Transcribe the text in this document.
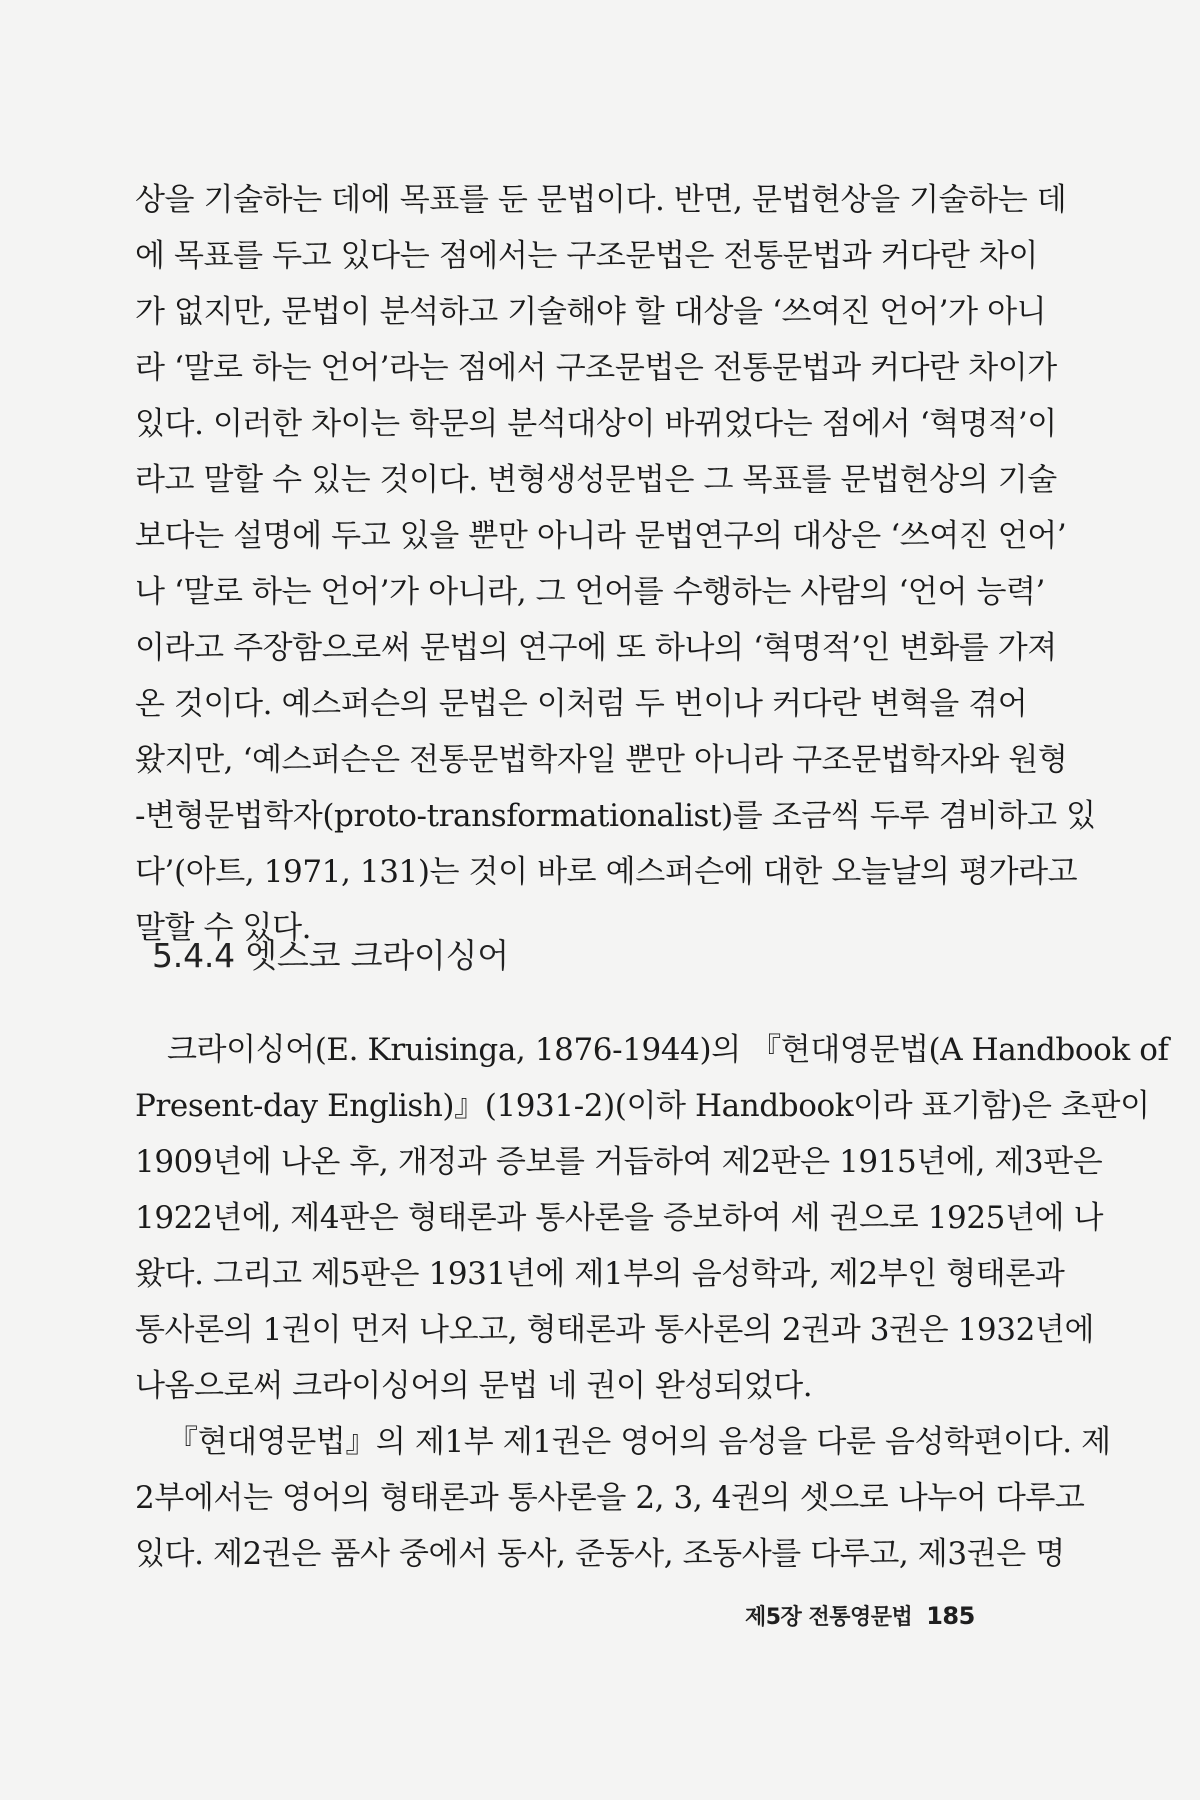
상을 기술하는 데에 목표를 둔 문법이다. 반면, 문법현상을 기술하는 데
에 목표를 두고 있다는 점에서는 구조문법은 전통문법과 커다란 차이
가 없지만, 문법이 분석하고 기술해야 할 대상을 ‘쓰여진 언어’가 아니
라 ‘말로 하는 언어’라는 점에서 구조문법은 전통문법과 커다란 차이가
있다. 이러한 차이는 학문의 분석대상이 바뀌었다는 점에서 ‘혁명적’이
라고 말할 수 있는 것이다. 변형생성문법은 그 목표를 문법현상의 기술
보다는 설명에 두고 있을 뿐만 아니라 문법연구의 대상은 ‘쓰여진 언어’
나 ‘말로 하는 언어’가 아니라, 그 언어를 수행하는 사람의 ‘언어 능력’
이라고 주장함으로써 문법의 연구에 또 하나의 ‘혁명적’인 변화를 가져
온 것이다. 예스퍼슨의 문법은 이처럼 두 번이나 커다란 변혁을 겪어
왔지만, ‘예스퍼슨은 전통문법학자일 뿐만 아니라 구조문법학자와 원형
-변형문법학자(proto-transformationalist)를 조금씩 두루 겸비하고 있
다’(아트, 1971, 131)는 것이 바로 예스퍼슨에 대한 오늘날의 평가라고
말할 수 있다.
5.4.4 엣스코 크라이싱어
크라이싱어(E. Kruisinga, 1876-1944)의 『현대영문법(A Handbook of
Present-day English)』(1931-2)(이하 Handbook이라 표기함)은 초판이
1909년에 나온 후, 개정과 증보를 거듭하여 제2판은 1915년에, 제3판은
1922년에, 제4판은 형태론과 통사론을 증보하여 세 권으로 1925년에 나
왔다. 그리고 제5판은 1931년에 제1부의 음성학과, 제2부인 형태론과
통사론의 1권이 먼저 나오고, 형태론과 통사론의 2권과 3권은 1932년에
나옴으로써 크라이싱어의 문법 네 권이 완성되었다.
『현대영문법』의 제1부 제1권은 영어의 음성을 다룬 음성학편이다. 제
2부에서는 영어의 형태론과 통사론을 2, 3, 4권의 셋으로 나누어 다루고
있다. 제2권은 품사 중에서 동사, 준동사, 조동사를 다루고, 제3권은 명
제5장 전통영문법 185
